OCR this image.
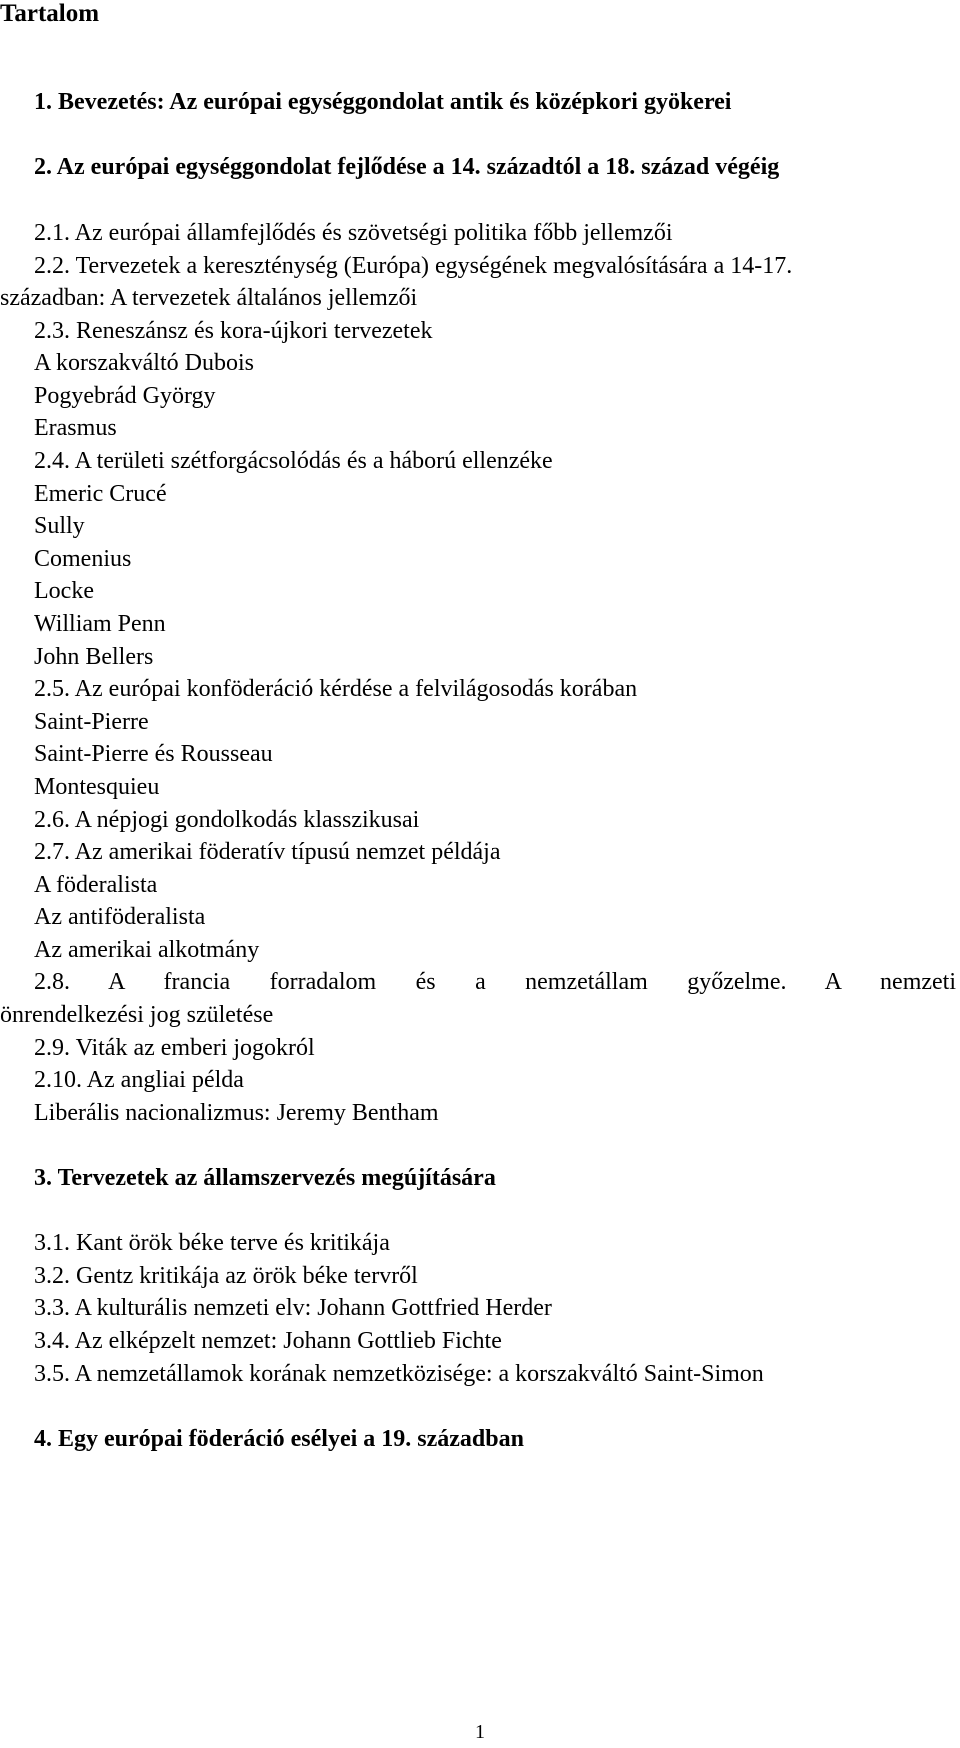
Tartalom
1. Bevezetés: Az európai egységgondolat antik és középkori gyökerei
2. Az európai egységgondolat fejlődése a 14. századtól a 18. század végéig
2.1. Az európai államfejlődés és szövetségi politika főbb jellemzői
2.2. Tervezetek a kereszténység (Európa) egységének megvalósítására a 14-17.
században: A tervezetek általános jellemzői
2.3. Reneszánsz és kora-újkori tervezetek
A korszakváltó Dubois
Pogyebrád György
Erasmus
2.4. A területi szétforgácsolódás és a háború ellenzéke
Emeric Crucé
Sully
Comenius
Locke
William Penn
John Bellers
2.5. Az európai konföderáció kérdése a felvilágosodás korában
Saint-Pierre
Saint-Pierre és Rousseau
Montesquieu
2.6. A népjogi gondolkodás klasszikusai
2.7. Az amerikai föderatív típusú nemzet példája
A föderalista
Az antiföderalista
Az amerikai alkotmány
2.8. A francia forradalom és a nemzetállam győzelme. A nemzeti
önrendelkezési jog születése
2.9. Viták az emberi jogokról
2.10. Az angliai példa
Liberális nacionalizmus: Jeremy Bentham
3. Tervezetek az államszervezés megújítására
3.1. Kant örök béke terve és kritikája
3.2. Gentz kritikája az örök béke tervről
3.3. A kulturális nemzeti elv: Johann Gottfried Herder
3.4. Az elképzelt nemzet: Johann Gottlieb Fichte
3.5. A nemzetállamok korának nemzetközisége: a korszakváltó Saint-Simon
4. Egy európai föderáció esélyei a 19. században
1
